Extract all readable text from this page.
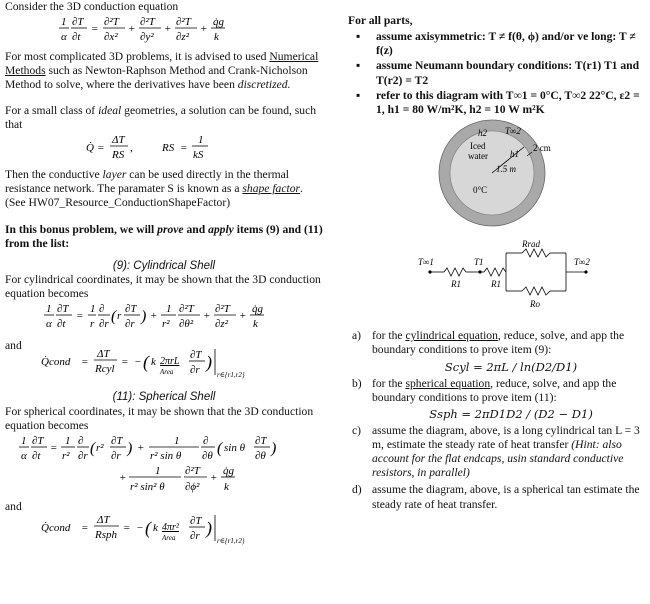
Consider the 3D conduction equation

1
α
∂T
∂t
=
∂²T
∂x²
+
∂²T
∂y²
+
∂²T
∂z²
+
q̇g
k

For most complicated 3D problems, it is advised to used Numerical Methods such as Newton-Raphson Method and Crank-Nicholson Method to solve, where the derivatives have been discretized.

For a small class of ideal geometries, a solution can be found, such that

Q̇ =
ΔT
RS
,	RS =
1
kS

Then the conductive layer can be used directly in the thermal resistance network. The paramater S is known as a shape factor. (See HW07_Resource_ConductionShapeFactor)

In this bonus problem, we will prove and apply items (9) and (11) from the list:

(9): Cylindrical Shell

For cylindrical coordinates, it may be shown that the 3D conduction equation becomes

1
α
∂T
∂t
=
1
r
∂
∂r ( r
∂T
∂r ) +
1
r²
∂²T
∂θ²
+
∂²T
∂z²
+
q̇g
k

and

Q̇cond =
ΔT
Rcyl
= − ( k 2πrL
Area
∂T
∂r )
r∈{r1,r2}

(11): Spherical Shell

For spherical coordinates, it may be shown that the 3D conduction equation becomes

1 ∂T
α ∂t
=
1
r²
∂
∂r ( r²
∂T
∂r ) +
1
r² sin θ
∂
∂θ ( sin θ
∂T
∂θ )
+
1
r² sin² θ
∂²T
∂ϕ²
+
q̇g
k

and

Q̇cond =
ΔT
Rsph
= − ( k 4πr²
Area
∂T
∂r )
r∈{r1,r2}

For all parts,

▪ assume axisymmetric: T ≠ f(θ, ϕ) and/or ve long: T ≠ f(z)
▪ assume Neumann boundary conditions: T(r1) T1 and T(r2) = T2
▪ refer to this diagram with T∞1 = 0°C, T∞2 22°C, ε2 = 1, h1 = 80 W/m²K, h2 = 10 W m²K
h2 T∞2
2 cm
Iced
water h1
1.5 m
0°C
Rrad
T∞1	T1	T∞2
R1	R1
Ro
a) for the cylindrical equation, reduce, solve, and app the boundary conditions to prove item (9):
Scyl = 2πL / ln(D2/D1)
b) for the spherical equation, reduce, solve, and app the boundary conditions to prove item (11):
Ssph = 2πD1D2 / (D2 − D1)
c) assume the diagram, above, is a long cylindrical tan L = 3 m, estimate the steady rate of heat transfer (Hint: also account for the flat endcaps, usin standard conductive resistors, in parallel)
d) assume the diagram, above, is a spherical tan estimate the steady rate of heat transfer.
